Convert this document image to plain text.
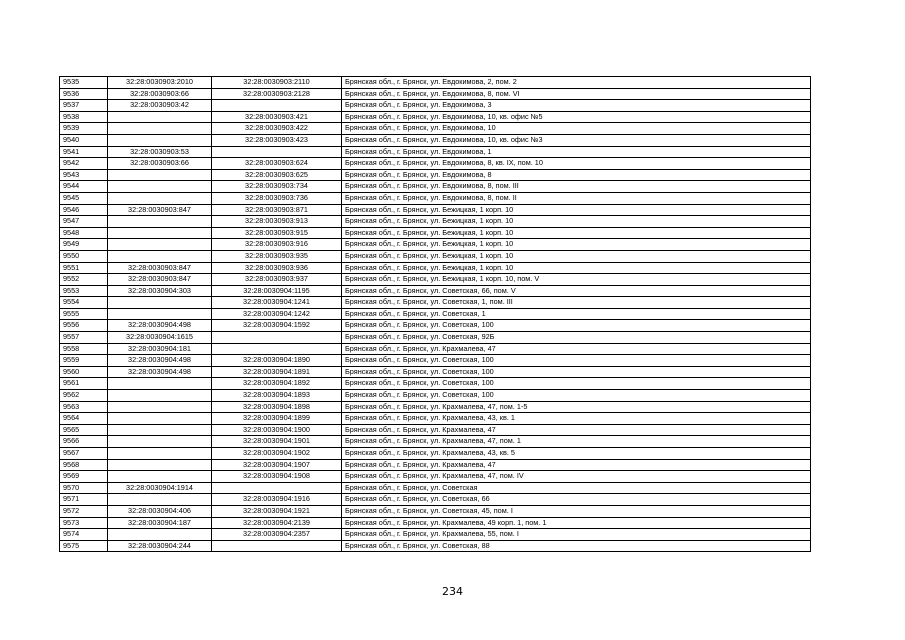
9535	32:28:0030903:2010	32:28:0030903:2110	Брянская обл., г. Брянск, ул. Евдокимова, 2, пом. 2
9536	32:28:0030903:66	32:28:0030903:2128	Брянская обл., г. Брянск, ул. Евдокимова, 8, пом. VI
9537	32:28:0030903:42		Брянская обл., г. Брянск, ул. Евдокимова, 3
9538		32:28:0030903:421	Брянская обл., г. Брянск, ул. Евдокимова, 10, кв. офис №5
9539		32:28:0030903:422	Брянская обл., г. Брянск, ул. Евдокимова, 10
9540		32:28:0030903:423	Брянская обл., г. Брянск, ул. Евдокимова, 10, кв. офис №3
9541	32:28:0030903:53		Брянская обл., г. Брянск, ул. Евдокимова, 1
9542	32:28:0030903:66	32:28:0030903:624	Брянская обл., г. Брянск, ул. Евдокимова, 8, кв. IX, пом. 10
9543		32:28:0030903:625	Брянская обл., г. Брянск, ул. Евдокимова, 8
9544		32:28:0030903:734	Брянская обл., г. Брянск, ул. Евдокимова, 8, пом. III
9545		32:28:0030903:736	Брянская обл., г. Брянск, ул. Евдокимова, 8, пом. II
9546	32:28:0030903:847	32:28:0030903:871	Брянская обл., г. Брянск, ул. Бежицкая, 1 корп. 10
9547		32:28:0030903:913	Брянская обл., г. Брянск, ул. Бежицкая, 1 корп. 10
9548		32:28:0030903:915	Брянская обл., г. Брянск, ул. Бежицкая, 1 корп. 10
9549		32:28:0030903:916	Брянская обл., г. Брянск, ул. Бежицкая, 1 корп. 10
9550		32:28:0030903:935	Брянская обл., г. Брянск, ул. Бежицкая, 1 корп. 10
9551	32:28:0030903:847	32:28:0030903:936	Брянская обл., г. Брянск, ул. Бежицкая, 1 корп. 10
9552	32:28:0030903:847	32:28:0030903:937	Брянская обл., г. Брянск, ул. Бежицкая, 1 корп. 10, пом. V
9553	32:28:0030904:303	32:28:0030904:1195	Брянская обл., г. Брянск, ул. Советская, 66, пом. V
9554		32:28:0030904:1241	Брянская обл., г. Брянск, ул. Советская, 1, пом. III
9555		32:28:0030904:1242	Брянская обл., г. Брянск, ул. Советская, 1
9556	32:28:0030904:498	32:28:0030904:1592	Брянская обл., г. Брянск, ул. Советская, 100
9557	32:28:0030904:1615		Брянская обл., г. Брянск, ул. Советская, 92Б
9558	32:28:0030904:181		Брянская обл., г. Брянск, ул. Крахмалева, 47
9559	32:28:0030904:498	32:28:0030904:1890	Брянская обл., г. Брянск, ул. Советская, 100
9560	32:28:0030904:498	32:28:0030904:1891	Брянская обл., г. Брянск, ул. Советская, 100
9561		32:28:0030904:1892	Брянская обл., г. Брянск, ул. Советская, 100
9562		32:28:0030904:1893	Брянская обл., г. Брянск, ул. Советская, 100
9563		32:28:0030904:1898	Брянская обл., г. Брянск, ул. Крахмалева, 47, пом. 1-5
9564		32:28:0030904:1899	Брянская обл., г. Брянск, ул. Крахмалева, 43, кв. 1
9565		32:28:0030904:1900	Брянская обл., г. Брянск, ул. Крахмалева, 47
9566		32:28:0030904:1901	Брянская обл., г. Брянск, ул. Крахмалева, 47, пом. 1
9567		32:28:0030904:1902	Брянская обл., г. Брянск, ул. Крахмалева, 43, кв. 5
9568		32:28:0030904:1907	Брянская обл., г. Брянск, ул. Крахмалева, 47
9569		32:28:0030904:1908	Брянская обл., г. Брянск, ул. Крахмалева, 47, пом. IV
9570	32:28:0030904:1914		Брянская обл., г. Брянск, ул. Советская
9571		32:28:0030904:1916	Брянская обл., г. Брянск, ул. Советская, 66
9572	32:28:0030904:406	32:28:0030904:1921	Брянская обл., г. Брянск, ул. Советская, 45, пом. I
9573	32:28:0030904:187	32:28:0030904:2139	Брянская обл., г. Брянск, ул. Крахмалева, 49 корп. 1, пом. 1
9574		32:28:0030904:2357	Брянская обл., г. Брянск, ул. Крахмалева, 55, пом. I
9575	32:28:0030904:244		Брянская обл., г. Брянск, ул. Советская, 88
234
